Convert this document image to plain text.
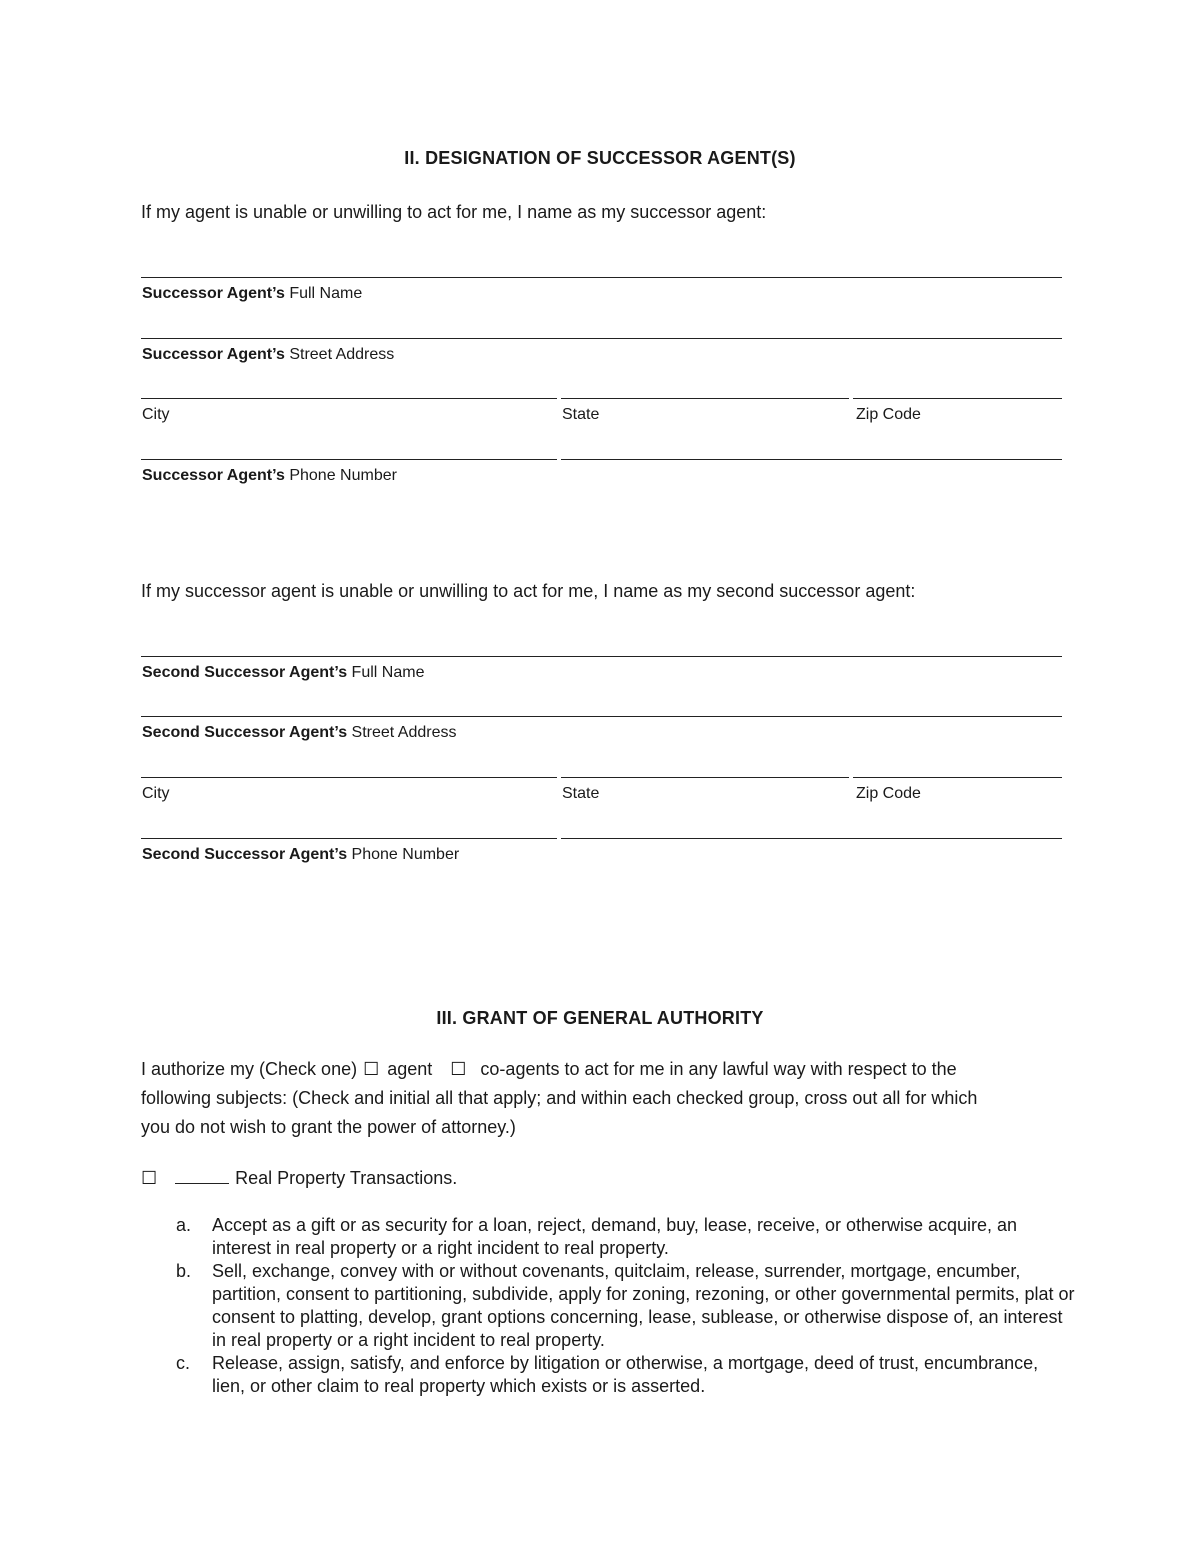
II. DESIGNATION OF SUCCESSOR AGENT(S)
If my agent is unable or unwilling to act for me, I name as my successor agent:
Successor Agent’s Full Name
Successor Agent’s Street Address
City	State	Zip Code
Successor Agent’s Phone Number
If my successor agent is unable or unwilling to act for me, I name as my second successor agent:
Second Successor Agent’s Full Name
Second Successor Agent’s Street Address
City	State	Zip Code
Second Successor Agent’s Phone Number
III. GRANT OF GENERAL AUTHORITY
I authorize my (Check one) ☐ agent ☐ co-agents to act for me in any lawful way with respect to the
following subjects: (Check and initial all that apply; and within each checked group, cross out all for which
you do not wish to grant the power of attorney.)
☐	Real Property Transactions.
a.	Accept as a gift or as security for a loan, reject, demand, buy, lease, receive, or otherwise acquire, an interest in real property or a right incident to real property.
b.	Sell, exchange, convey with or without covenants, quitclaim, release, surrender, mortgage, encumber, partition, consent to partitioning, subdivide, apply for zoning, rezoning, or other governmental permits, plat or consent to platting, develop, grant options concerning, lease, sublease, or otherwise dispose of, an interest in real property or a right incident to real property.
c.	Release, assign, satisfy, and enforce by litigation or otherwise, a mortgage, deed of trust, encumbrance, lien, or other claim to real property which exists or is asserted.
